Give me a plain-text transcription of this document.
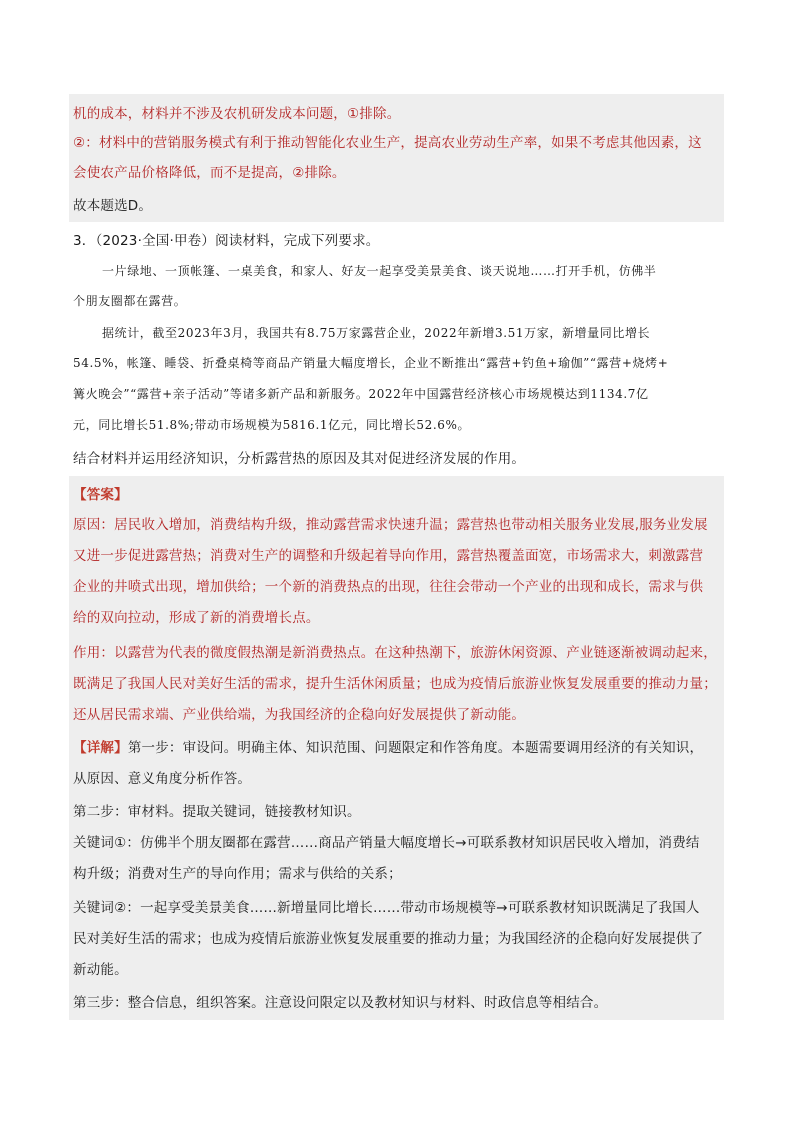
机的成本，材料并不涉及农机研发成本问题，①排除。
②：材料中的营销服务模式有利于推动智能化农业生产，提高农业劳动生产率，如果不考虑其他因素，这
会使农产品价格降低，而不是提高，②排除。
故本题选D。
3．（2023·全国·甲卷）阅读材料，完成下列要求。
一片绿地、一顶帐篷、一桌美食，和家人、好友一起享受美景美食、谈天说地……打开手机，仿佛半
个朋友圈都在露营。
据统计，截至2023年3月，我国共有8.75万家露营企业，2022年新增3.51万家，新增量同比增长
54.5%，帐篷、睡袋、折叠桌椅等商品产销量大幅度增长，企业不断推出“露营+钓鱼+瑜伽”“露营+烧烤+
篝火晚会”“露营+亲子活动”等诸多新产品和新服务。2022年中国露营经济核心市场规模达到1134.7亿
元，同比增长51.8%;带动市场规模为5816.1亿元，同比增长52.6%。
结合材料并运用经济知识，分析露营热的原因及其对促进经济发展的作用。
【答案】
原因：居民收入增加，消费结构升级，推动露营需求快速升温；露营热也带动相关服务业发展,服务业发展
又进一步促进露营热；消费对生产的调整和升级起着导向作用，露营热覆盖面宽，市场需求大，刺激露营
企业的井喷式出现，增加供给；一个新的消费热点的出现，往往会带动一个产业的出现和成长，需求与供
给的双向拉动，形成了新的消费增长点。
作用：以露营为代表的微度假热潮是新消费热点。在这种热潮下，旅游休闲资源、产业链逐渐被调动起来，
既满足了我国人民对美好生活的需求，提升生活休闲质量；也成为疫情后旅游业恢复发展重要的推动力量；
还从居民需求端、产业供给端，为我国经济的企稳向好发展提供了新动能。
【详解】第一步：审设问。明确主体、知识范围、问题限定和作答角度。本题需要调用经济的有关知识，
从原因、意义角度分析作答。
第二步：审材料。提取关键词，链接教材知识。
关键词①：仿佛半个朋友圈都在露营……商品产销量大幅度增长→可联系教材知识居民收入增加，消费结
构升级；消费对生产的导向作用；需求与供给的关系；
关键词②：一起享受美景美食……新增量同比增长……带动市场规模等→可联系教材知识既满足了我国人
民对美好生活的需求；也成为疫情后旅游业恢复发展重要的推动力量；为我国经济的企稳向好发展提供了
新动能。
第三步：整合信息，组织答案。注意设问限定以及教材知识与材料、时政信息等相结合。
